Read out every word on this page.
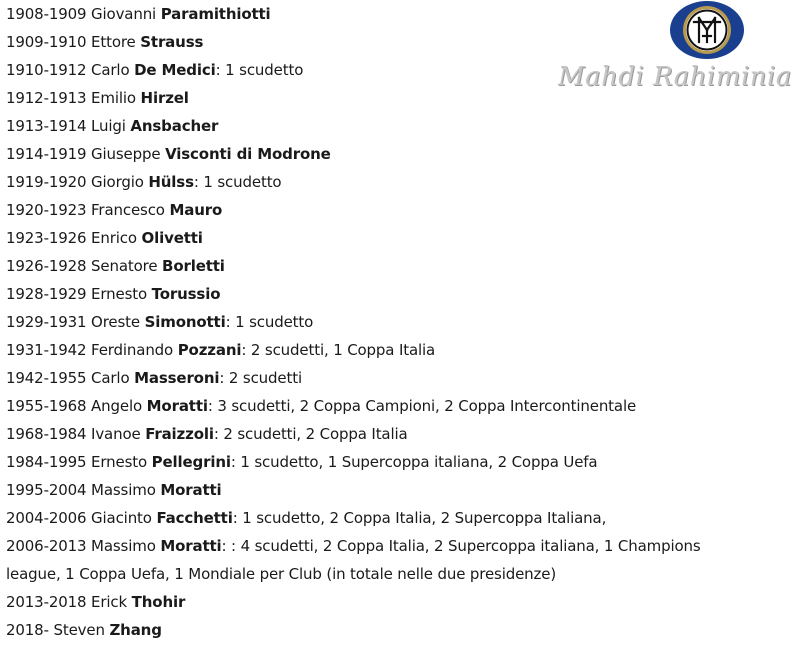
1908-1909 Giovanni Paramithiotti
1909-1910 Ettore Strauss
1910-1912 Carlo De Medici: 1 scudetto
1912-1913 Emilio Hirzel
1913-1914 Luigi Ansbacher
1914-1919 Giuseppe Visconti di Modrone
1919-1920 Giorgio Hülss: 1 scudetto
1920-1923 Francesco Mauro
1923-1926 Enrico Olivetti
1926-1928 Senatore Borletti
1928-1929 Ernesto Torussio
1929-1931 Oreste Simonotti: 1 scudetto
1931-1942 Ferdinando Pozzani: 2 scudetti, 1 Coppa Italia
1942-1955 Carlo Masseroni: 2 scudetti
1955-1968 Angelo Moratti: 3 scudetti, 2 Coppa Campioni, 2 Coppa Intercontinentale
1968-1984 Ivanoe Fraizzoli: 2 scudetti, 2 Coppa Italia
1984-1995 Ernesto Pellegrini: 1 scudetto, 1 Supercoppa italiana, 2 Coppa Uefa
1995-2004 Massimo Moratti
2004-2006 Giacinto Facchetti: 1 scudetto, 2 Coppa Italia, 2 Supercoppa Italiana,
2006-2013 Massimo Moratti: : 4 scudetti, 2 Coppa Italia, 2 Supercoppa italiana, 1 Champions league, 1 Coppa Uefa, 1 Mondiale per Club (in totale nelle due presidenze)
2013-2018 Erick Thohir
2018- Steven Zhang
Mahdi Rahiminia
